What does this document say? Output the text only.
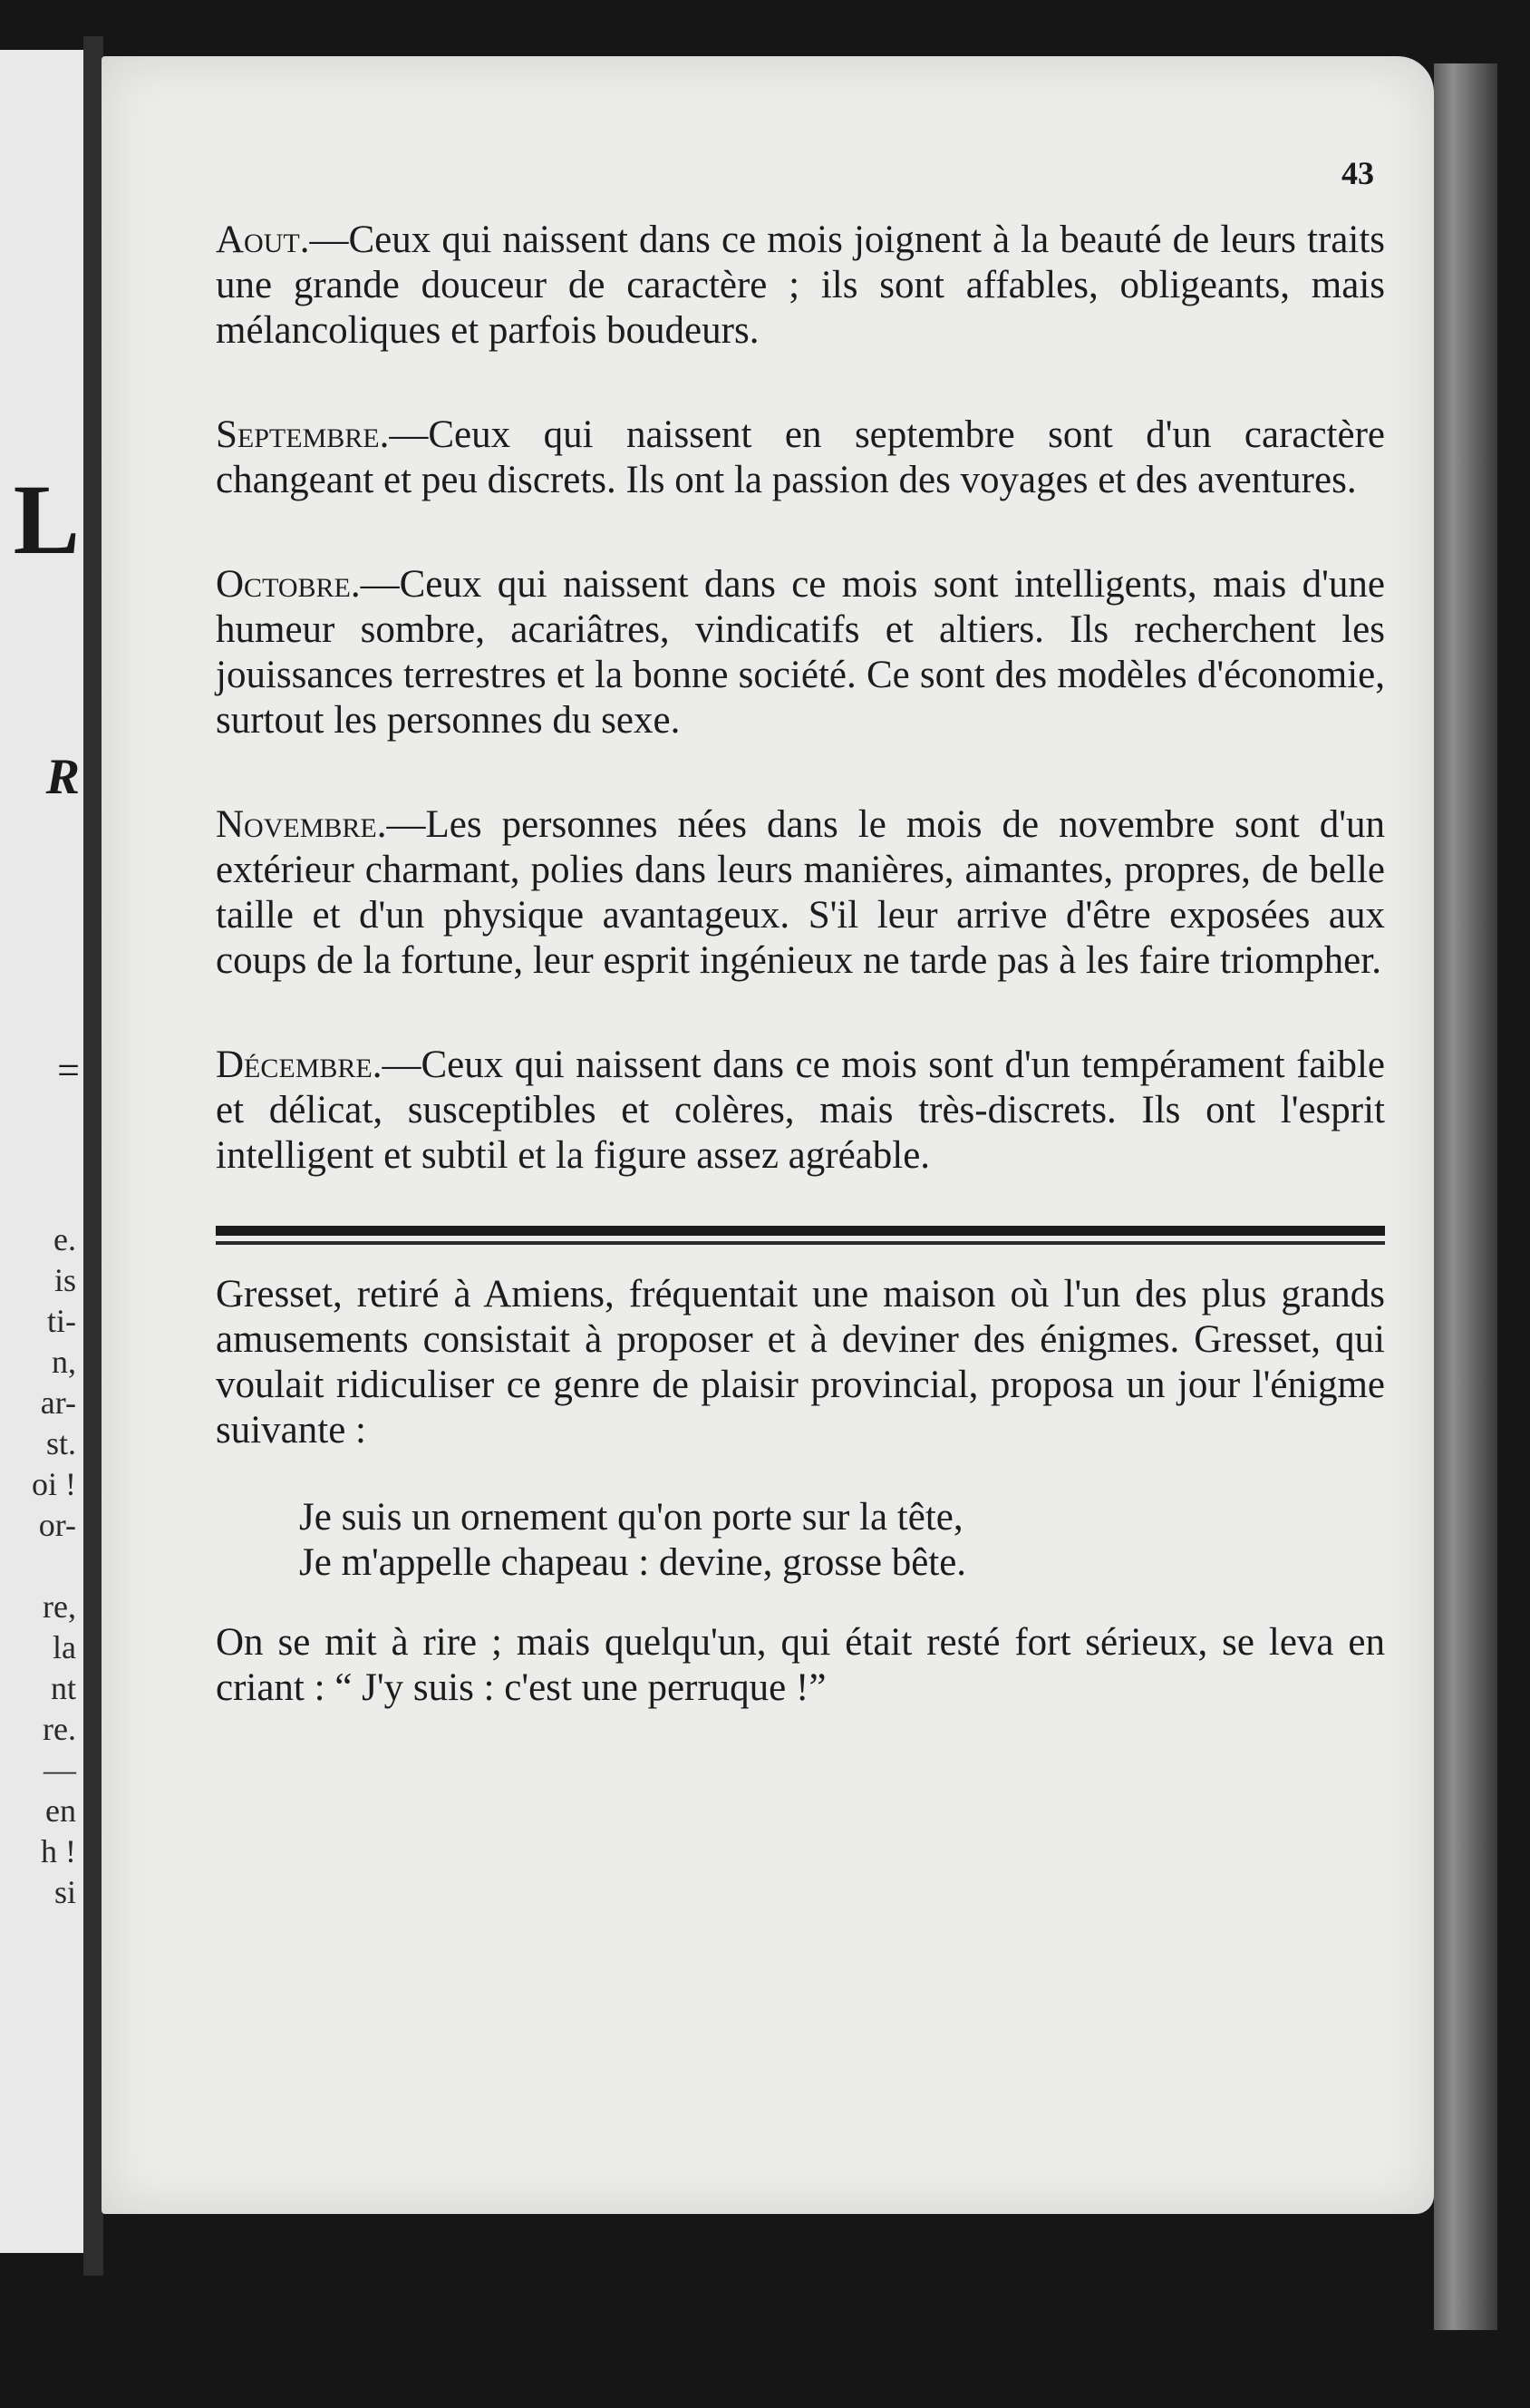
L
R
=
e.
is
ti-
n,
ar-
st.
oi !
or-

re,
la
nt
re.
—
en
h !
si
43

Aout.—Ceux qui naissent dans ce mois joignent à la beauté de leurs traits une grande douceur de caractère ; ils sont affables, obligeants, mais mélancoliques et parfois boudeurs.

Septembre.—Ceux qui naissent en septembre sont d'un caractère changeant et peu discrets. Ils ont la passion des voyages et des aventures.

Octobre.—Ceux qui naissent dans ce mois sont intelligents, mais d'une humeur sombre, acariâtres, vindicatifs et altiers. Ils recherchent les jouissances terrestres et la bonne société. Ce sont des modèles d'économie, surtout les personnes du sexe.

Novembre.—Les personnes nées dans le mois de novembre sont d'un extérieur charmant, polies dans leurs manières, aimantes, propres, de belle taille et d'un physique avantageux. S'il leur arrive d'être exposées aux coups de la fortune, leur esprit ingénieux ne tarde pas à les faire triompher.

Décembre.—Ceux qui naissent dans ce mois sont d'un tempérament faible et délicat, susceptibles et colères, mais très-discrets. Ils ont l'esprit intelligent et subtil et la figure assez agréable.

Gresset, retiré à Amiens, fréquentait une maison où l'un des plus grands amusements consistait à proposer et à deviner des énigmes. Gresset, qui voulait ridiculiser ce genre de plaisir provincial, proposa un jour l'énigme suivante :

Je suis un ornement qu'on porte sur la tête,
Je m'appelle chapeau : devine, grosse bête.

On se mit à rire ; mais quelqu'un, qui était resté fort sérieux, se leva en criant : “ J'y suis : c'est une perruque !”
